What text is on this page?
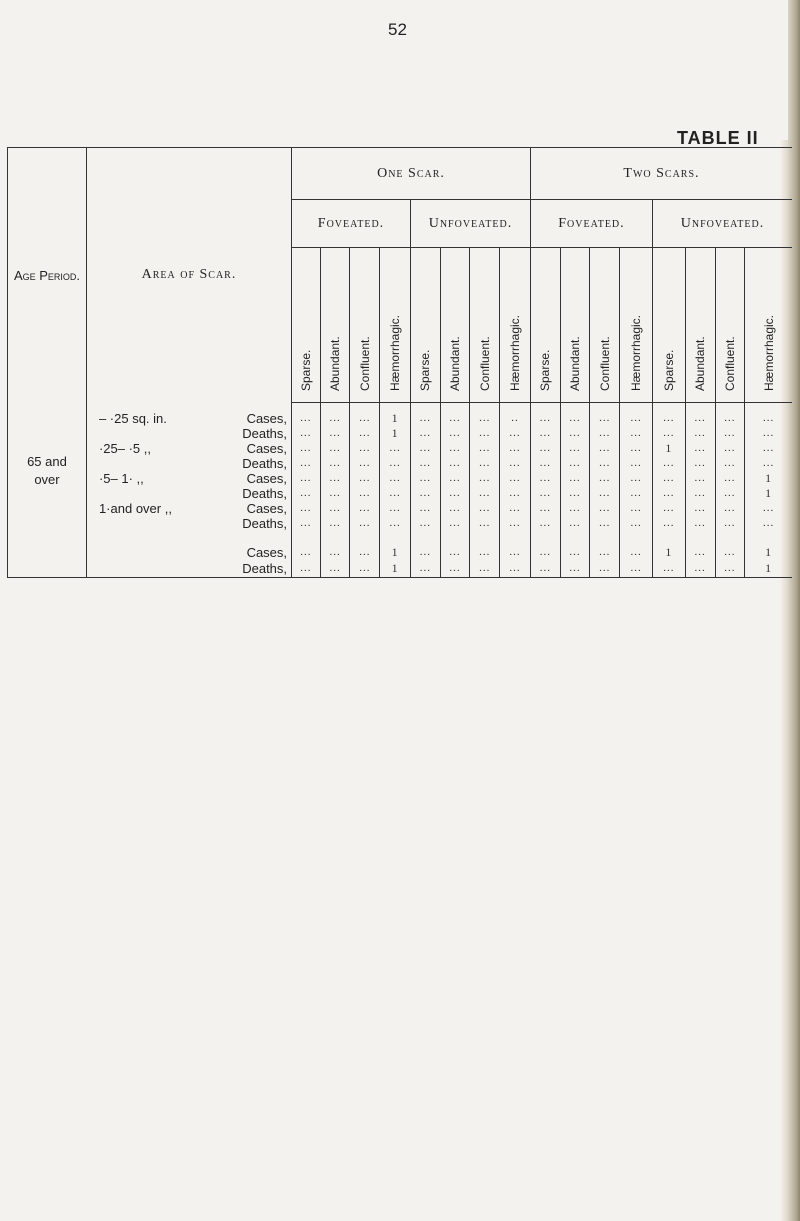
52
TABLE II
Age Period.	Area of Scar.	One Scar.								Two Scars.							
		Foveated.				Unfoveated.				Foveated.				Unfoveated.			
		Sparse.	Abundant.	Confluent.	Hæmorrhagic.	Sparse.	Abundant.	Confluent.	Hæmorrhagic.	Sparse.	Abundant.	Confluent.	Hæmorrhagic.	Sparse.	Abundant.	Confluent.	Hæmorrhagic.

65 and over	– ·25 sq. in. Cases,	...	...	...	1	...	...	...	..	...	...	...	...	...	...	...	...

	Deaths,	...	...	...	1	...	...	...	...	...	...	...	...	...	...	...	...

	·25– ·5 ,, Cases,	...	...	...	...	...	...	...	...	...	...	...	...	1	...	...	...

	Deaths,	...	...	...	...	...	...	...	...	...	...	...	...	...	...	...	...

	·5– 1· ,, Cases,	...	...	...	...	...	...	...	...	...	...	...	...	...	...	...	1

	Deaths,	...	...	...	...	...	...	...	...	...	...	...	...	...	...	...	1

	1·and over ,, Cases,	...	...	...	...	...	...	...	...	...	...	...	...	...	...	...	...

	Deaths,	...	...	...	...	...	...	...	...	...	...	...	...	...	...	...	...

	Cases,	...	...	...	1	...	...	...	...	...	...	...	...	1	...	...	1

	Deaths,	...	...	...	1	...	...	...	...	...	...	...	...	...	...	...	1
